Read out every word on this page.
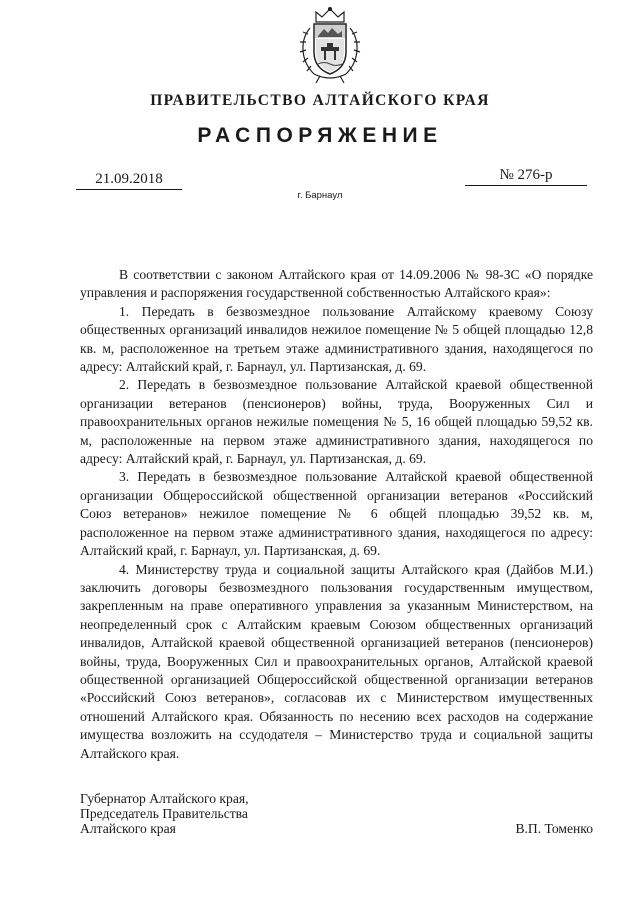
ПРАВИТЕЛЬСТВО АЛТАЙСКОГО КРАЯ
РАСПОРЯЖЕНИЕ
21.09.2018	№ 276-р
г. Барнаул

В соответствии с законом Алтайского края от 14.09.2006 № 98-ЗС «О порядке управления и распоряжения государственной собственностью Алтайского края»:

1. Передать в безвозмездное пользование Алтайскому краевому Союзу общественных организаций инвалидов нежилое помещение № 5 общей площадью 12,8 кв. м, расположенное на третьем этаже административного здания, находящегося по адресу: Алтайский край, г. Барнаул, ул. Партизанская, д. 69.

2. Передать в безвозмездное пользование Алтайской краевой общественной организации ветеранов (пенсионеров) войны, труда, Вооруженных Сил и правоохранительных органов нежилые помещения № 5, 16 общей площадью 59,52 кв. м, расположенные на первом этаже административного здания, находящегося по адресу: Алтайский край, г. Барнаул, ул. Партизанская, д. 69.

3. Передать в безвозмездное пользование Алтайской краевой общественной организации Общероссийской общественной организации ветеранов «Российский Союз ветеранов» нежилое помещение № 6 общей площадью 39,52 кв. м, расположенное на первом этаже административного здания, находящегося по адресу: Алтайский край, г. Барнаул, ул. Партизанская, д. 69.

4. Министерству труда и социальной защиты Алтайского края (Дайбов М.И.) заключить договоры безвозмездного пользования государственным имуществом, закрепленным на праве оперативного управления за указанным Министерством, на неопределенный срок с Алтайским краевым Союзом общественных организаций инвалидов, Алтайской краевой общественной организацией ветеранов (пенсионеров) войны, труда, Вооруженных Сил и правоохранительных органов, Алтайской краевой общественной организацией Общероссийской общественной организации ветеранов «Российский Союз ветеранов», согласовав их с Министерством имущественных отношений Алтайского края. Обязанность по несению всех расходов на содержание имущества возложить на ссудодателя – Министерство труда и социальной защиты Алтайского края.

Губернатор Алтайского края,
Председатель Правительства
Алтайского края	В.П. Томенко
